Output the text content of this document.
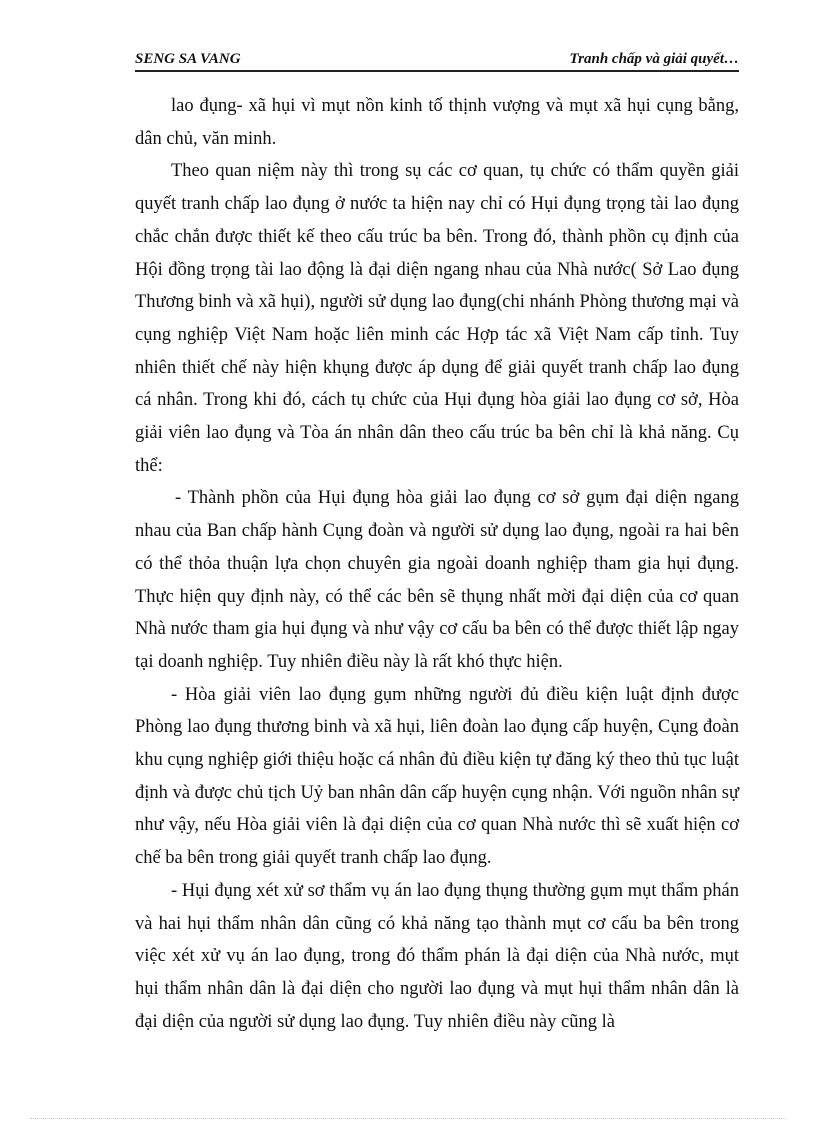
SENG SA VANG	Tranh chấp và giải quyết…

lao đụng- xã hụi vì mụt nồn kinh tố thịnh vượng và mụt xã hụi cụng bằng, dân chủ, văn minh.

Theo quan niệm này thì trong sụ các cơ quan, tụ chức có thẩm quyền giải quyết tranh chấp lao đụng ở nước ta hiện nay chỉ có Hụi đụng trọng tài lao đụng chắc chắn được thiết kế theo cấu trúc ba bên. Trong đó, thành phồn cụ định của Hội đồng trọng tài lao động là đại diện ngang nhau của Nhà nước( Sở Lao đụng Thương binh và xã hụi), người sử dụng lao đụng(chi nhánh Phòng thương mại và cụng nghiệp Việt Nam hoặc liên minh các Hợp tác xã Việt Nam cấp tỉnh. Tuy nhiên thiết chế này hiện khụng được áp dụng để giải quyết tranh chấp lao đụng cá nhân. Trong khi đó, cách tụ chức của Hụi đụng hòa giải lao đụng cơ sở, Hòa giải viên lao đụng và Tòa án nhân dân theo cấu trúc ba bên chỉ là khả năng. Cụ thể:

- Thành phồn của Hụi đụng hòa giải lao đụng cơ sở gụm đại diện ngang nhau của Ban chấp hành Cụng đoàn và người sử dụng lao đụng, ngoài ra hai bên có thể thỏa thuận lựa chọn chuyên gia ngoài doanh nghiệp tham gia hụi đụng. Thực hiện quy định này, có thể các bên sẽ thụng nhất mời đại diện của cơ quan Nhà nước tham gia hụi đụng và như vậy cơ cấu ba bên có thể được thiết lập ngay tại doanh nghiệp. Tuy nhiên điều này là rất khó thực hiện.

- Hòa giải viên lao đụng gụm những người đủ điều kiện luật định được Phòng lao đụng thương binh và xã hụi, liên đoàn lao đụng cấp huyện, Cụng đoàn khu cụng nghiệp giới thiệu hoặc cá nhân đủ điều kiện tự đăng ký theo thủ tục luật định và được chủ tịch Uỷ ban nhân dân cấp huyện cụng nhận. Với nguồn nhân sự như vậy, nếu Hòa giải viên là đại diện của cơ quan Nhà nước thì sẽ xuất hiện cơ chế ba bên trong giải quyết tranh chấp lao đụng.

- Hụi đụng xét xử sơ thẩm vụ án lao đụng thụng thường gụm mụt thẩm phán và hai hụi thẩm nhân dân cũng có khả năng tạo thành mụt cơ cấu ba bên trong việc xét xử vụ án lao đụng, trong đó thẩm phán là đại diện của Nhà nước, mụt hụi thẩm nhân dân là đại diện cho người lao đụng và mụt hụi thẩm nhân dân là đại diện của người sử dụng lao đụng. Tuy nhiên điều này cũng là
